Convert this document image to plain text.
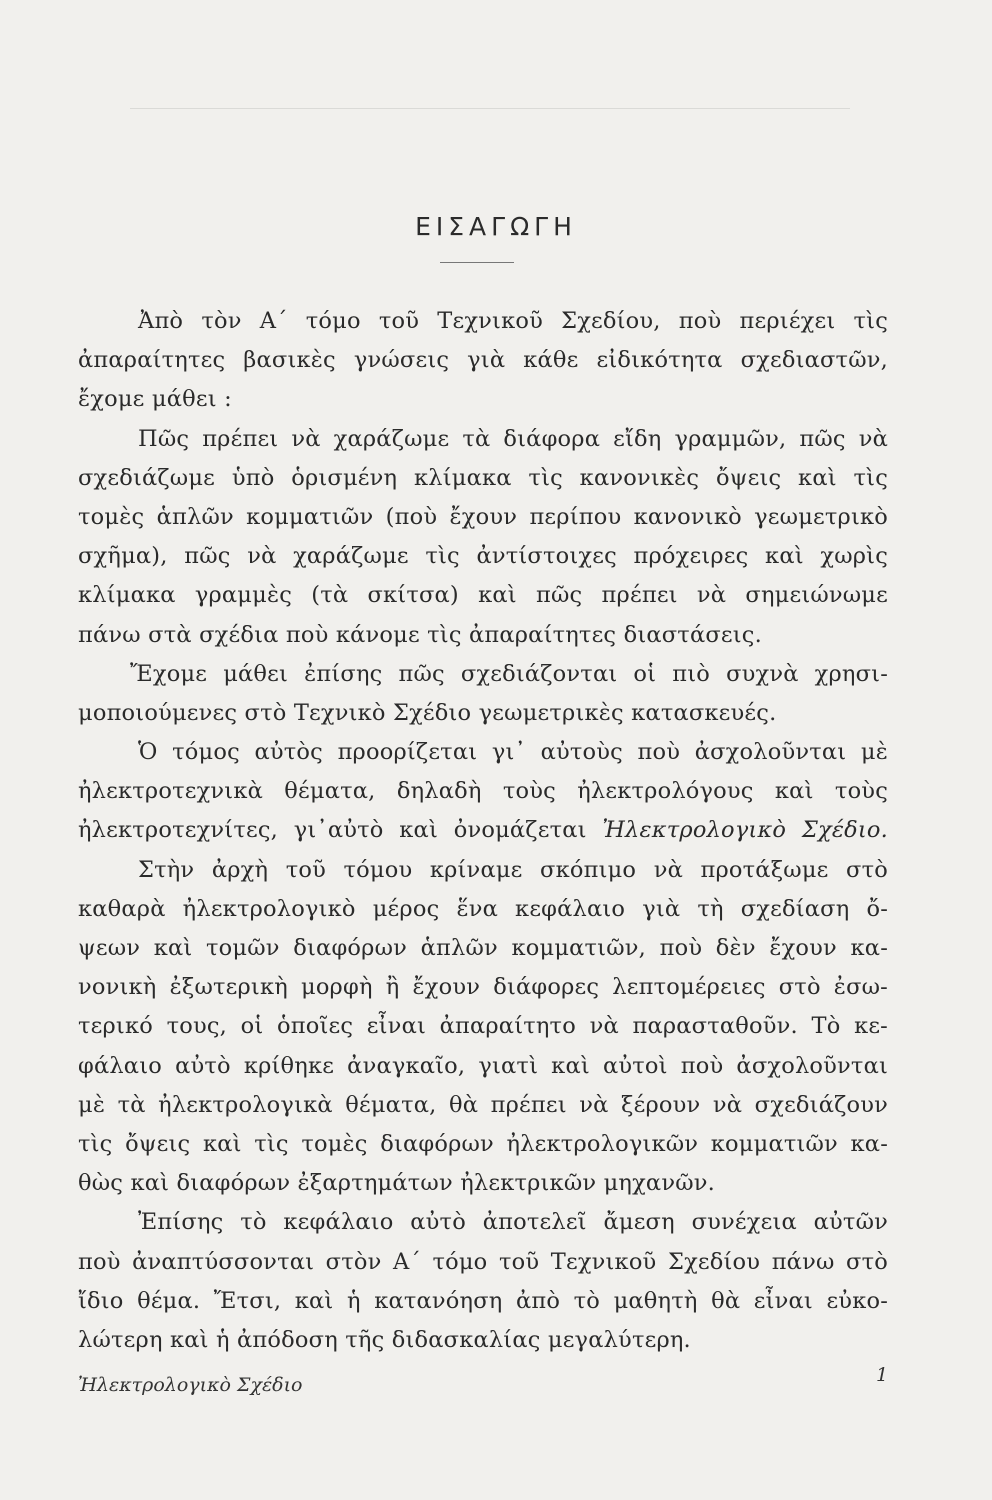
ΕΙΣΑΓΩΓΗ
Ἀπὸ τὸν Α΄ τόμο τοῦ Τεχνικοῦ Σχεδίου, ποὺ περιέχει τὶς
ἀπαραίτητες βασικὲς γνώσεις γιὰ κάθε εἰδικότητα σχεδιαστῶν,
ἔχομε μάθει :
Πῶς πρέπει νὰ χαράζωμε τὰ διάφορα εἴδη γραμμῶν, πῶς νὰ
σχεδιάζωμε ὑπὸ ὁρισμένη κλίμακα τὶς κανονικὲς ὄψεις καὶ τὶς
τομὲς ἁπλῶν κομματιῶν (ποὺ ἔχουν περίπου κανονικὸ γεωμετρικὸ
σχῆμα), πῶς νὰ χαράζωμε τὶς ἀντίστοιχες πρόχειρες καὶ χωρὶς
κλίμακα γραμμὲς (τὰ σκίτσα) καὶ πῶς πρέπει νὰ σημειώνωμε
πάνω στὰ σχέδια ποὺ κάνομε τὶς ἀπαραίτητες διαστάσεις.
Ἔχομε μάθει ἐπίσης πῶς σχεδιάζονται οἱ πιὸ συχνὰ χρησι-
μοποιούμενες στὸ Τεχνικὸ Σχέδιο γεωμετρικὲς κατασκευές.
Ὁ τόμος αὐτὸς προορίζεται γι᾿ αὐτοὺς ποὺ ἀσχολοῦνται μὲ
ἠλεκτροτεχνικὰ θέματα, δηλαδὴ τοὺς ἠλεκτρολόγους καὶ τοὺς
ἠλεκτροτεχνίτες, γι᾿αὐτὸ καὶ ὀνομάζεται Ἠλεκτρολογικὸ Σχέδιο.
Στὴν ἀρχὴ τοῦ τόμου κρίναμε σκόπιμο νὰ προτάξωμε στὸ
καθαρὰ ἠλεκτρολογικὸ μέρος ἕνα κεφάλαιο γιὰ τὴ σχεδίαση ὄ-
ψεων καὶ τομῶν διαφόρων ἁπλῶν κομματιῶν, ποὺ δὲν ἔχουν κα-
νονικὴ ἐξωτερικὴ μορφὴ ἢ ἔχουν διάφορες λεπτομέρειες στὸ ἐσω-
τερικό τους, οἱ ὁποῖες εἶναι ἀπαραίτητο νὰ παρασταθοῦν. Τὸ κε-
φάλαιο αὐτὸ κρίθηκε ἀναγκαῖο, γιατὶ καὶ αὐτοὶ ποὺ ἀσχολοῦνται
μὲ τὰ ἠλεκτρολογικὰ θέματα, θὰ πρέπει νὰ ξέρουν νὰ σχεδιάζουν
τὶς ὄψεις καὶ τὶς τομὲς διαφόρων ἠλεκτρολογικῶν κομματιῶν κα-
θὼς καὶ διαφόρων ἐξαρτημάτων ἠλεκτρικῶν μηχανῶν.
Ἐπίσης τὸ κεφάλαιο αὐτὸ ἀποτελεῖ ἄμεση συνέχεια αὐτῶν
ποὺ ἀναπτύσσονται στὸν Α΄ τόμο τοῦ Τεχνικοῦ Σχεδίου πάνω στὸ
ἴδιο θέμα. Ἔτσι, καὶ ἡ κατανόηση ἀπὸ τὸ μαθητὴ θὰ εἶναι εὐκο-
λώτερη καὶ ἡ ἀπόδοση τῆς διδασκαλίας μεγαλύτερη.
Ἠλεκτρολογικὸ Σχέδιο	1
